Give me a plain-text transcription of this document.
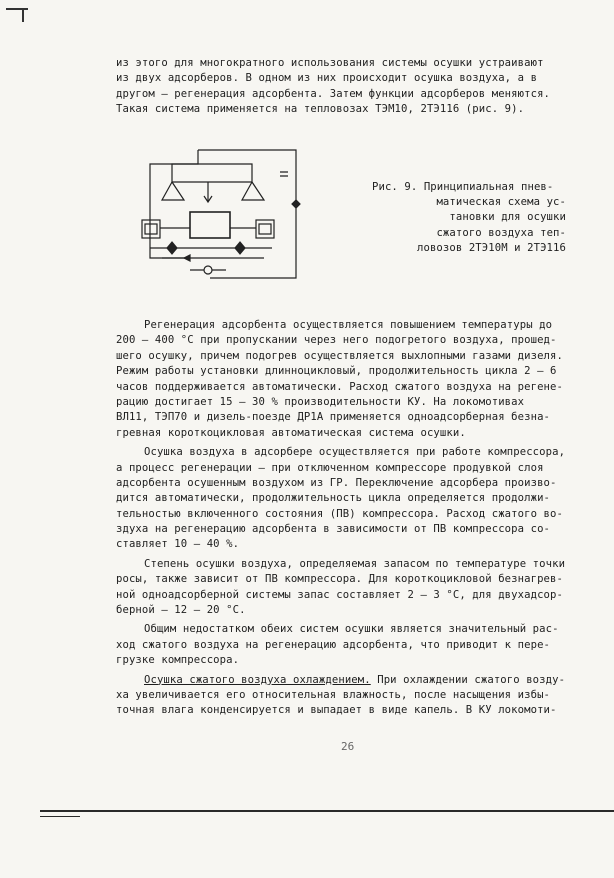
из этого для многократного использования системы осушки устраивают
из двух адсорберов. В одном из них происходит осушка воздуха, а в
другом – регенерация адсорбента. Затем функции адсорберов меняются.
Такая система применяется на тепловозах ТЭМ10, 2ТЭ116 (рис. 9).
Рис. 9. Принципиальная пнев-
матическая схема ус-
тановки для осушки
сжатого воздуха теп-
ловозов 2ТЭ10М и 2ТЭ116
Регенерация адсорбента осуществляется повышением температуры до
200 – 400 °С при пропускании через него подогретого воздуха, прошед-
шего осушку, причем подогрев осуществляется выхлопными газами дизеля.
Режим работы установки длинноцикловый, продолжительность цикла 2 – 6
часов поддерживается автоматически. Расход сжатого воздуха на регене-
рацию достигает 15 – 30 % производительности КУ. На локомотивах
ВЛ11, ТЭП70 и дизель-поезде ДР1А применяется одноадсорберная безна-
гревная короткоцикловая автоматическая система осушки.
Осушка воздуха в адсорбере осуществляется при работе компрессора,
а процесс регенерации – при отключенном компрессоре продувкой слоя
адсорбента осушенным воздухом из ГР. Переключение адсорбера произво-
дится автоматически, продолжительность цикла определяется продолжи-
тельностью включенного состояния (ПВ) компрессора. Расход сжатого во-
здуха на регенерацию адсорбента в зависимости от ПВ компрессора со-
ставляет 10 – 40 %.
Степень осушки воздуха, определяемая запасом по температуре точки
росы, также зависит от ПВ компрессора. Для короткоцикловой безнагрев-
ной одноадсорберной системы запас составляет 2 – 3 °С, для двухадсор-
берной – 12 – 20 °С.
Общим недостатком обеих систем осушки является значительный рас-
ход сжатого воздуха на регенерацию адсорбента, что приводит к пере-
грузке компрессора.
Осушка сжатого воздуха охлаждением. При охлаждении сжатого возду-
ха увеличивается его относительная влажность, после насыщения избы-
точная влага конденсируется и выпадает в виде капель. В КУ локомоти-
26
